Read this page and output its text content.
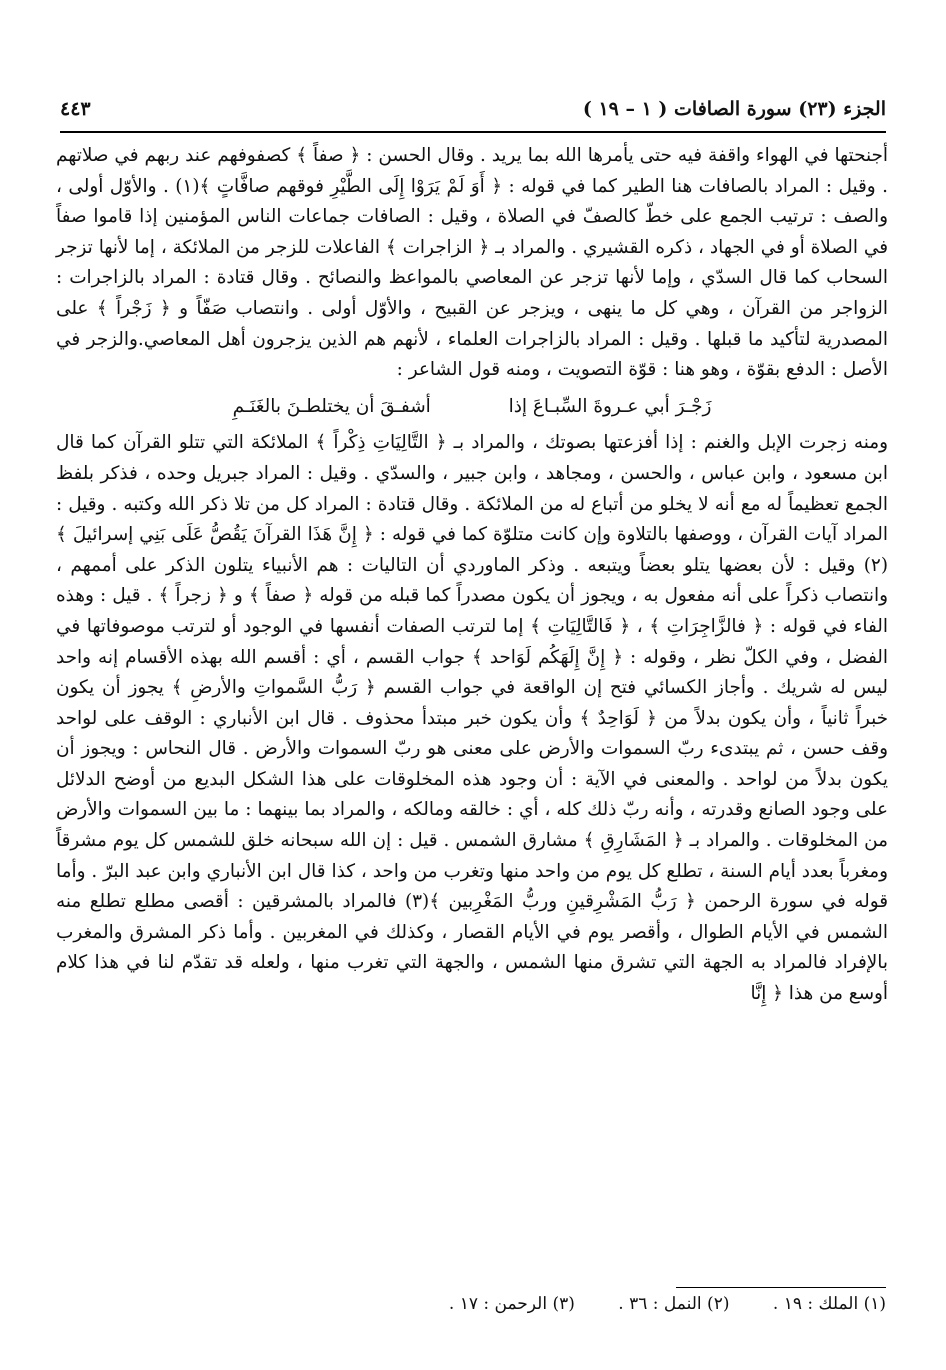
الجزء (٢٣) سورة الصافات ( ١ – ١٩ )
٤٤٣

أجنحتها في الهواء واقفة فيه حتى يأمرها الله بما يريد . وقال الحسن : ﴿ صفاً ﴾ كصفوفهم عند ربهم في صلاتهم . وقيل : المراد بالصافات هنا الطير كما في قوله : ﴿ أَوَ لَمْ يَرَوْا إِلَى الطَّيْرِ فوقهم صافَّاتٍ ﴾(١) . والأوّل أولى ، والصف : ترتيب الجمع على خطّ كالصفّ في الصلاة ، وقيل : الصافات جماعات الناس المؤمنين إذا قاموا صفاً في الصلاة أو في الجهاد ، ذكره القشيري . والمراد بـ ﴿ الزاجرات ﴾ الفاعلات للزجر من الملائكة ، إما لأنها تزجر السحاب كما قال السدّي ، وإما لأنها تزجر عن المعاصي بالمواعظ والنصائح . وقال قتادة : المراد بالزاجرات : الزواجر من القرآن ، وهي كل ما ينهى ، ويزجر عن القبيح ، والأوّل أولى . وانتصاب صَفّاً و ﴿ زَجْراً ﴾ على المصدرية لتأكيد ما قبلها . وقيل : المراد بالزاجرات العلماء ، لأنهم هم الذين يزجرون أهل المعاصي.والزجر في الأصل : الدفع بقوّة ، وهو هنا : قوّة التصويت ، ومنه قول الشاعر :

زَجْـرَ أبي عـروةَ السِّبـاعَ إذا أشفـقَ أن يختلطـنَ بالغَنَـمِ

ومنه زجرت الإبل والغنم : إذا أفزعتها بصوتك ، والمراد بـ ﴿ التَّالِيَاتِ ذِكْراً ﴾ الملائكة التي تتلو القرآن كما قال ابن مسعود ، وابن عباس ، والحسن ، ومجاهد ، وابن جبير ، والسدّي . وقيل : المراد جبريل وحده ، فذكر بلفظ الجمع تعظيماً له مع أنه لا يخلو من أتباع له من الملائكة . وقال قتادة : المراد كل من تلا ذكر الله وكتبه . وقيل : المراد آيات القرآن ، ووصفها بالتلاوة وإن كانت متلوّة كما في قوله : ﴿ إِنَّ هَذَا القرآنَ يَقُصُّ عَلَى بَنِي إسرائيلَ ﴾(٢) وقيل : لأن بعضها يتلو بعضاً ويتبعه . وذكر الماوردي أن التاليات : هم الأنبياء يتلون الذكر على أممهم ، وانتصاب ذكراً على أنه مفعول به ، ويجوز أن يكون مصدراً كما قبله من قوله ﴿ صفاً ﴾ و ﴿ زجراً ﴾ . قيل : وهذه الفاء في قوله : ﴿ فالزَّاجِرَاتِ ﴾ ، ﴿ فَالتَّالِيَاتِ ﴾ إما لترتب الصفات أنفسها في الوجود أو لترتب موصوفاتها في الفضل ، وفي الكلّ نظر ، وقوله : ﴿ إِنَّ إِلَهَكُم لَوَاحد ﴾ جواب القسم ، أي : أقسم الله بهذه الأقسام إنه واحد ليس له شريك . وأجاز الكسائي فتح إن الواقعة في جواب القسم ﴿ رَبُّ السَّمواتِ والأرضِ ﴾ يجوز أن يكون خبراً ثانياً ، وأن يكون بدلاً من ﴿ لَوَاحِدٌ ﴾ وأن يكون خبر مبتدأ محذوف . قال ابن الأنباري : الوقف على لواحد وقف حسن ، ثم يبتدىء ربّ السموات والأرض على معنى هو ربّ السموات والأرض . قال النحاس : ويجوز أن يكون بدلاً من لواحد . والمعنى في الآية : أن وجود هذه المخلوقات على هذا الشكل البديع من أوضح الدلائل على وجود الصانع وقدرته ، وأنه ربّ ذلك كله ، أي : خالقه ومالكه ، والمراد بما بينهما : ما بين السموات والأرض من المخلوقات . والمراد بـ ﴿ المَشَارِقِ ﴾ مشارق الشمس . قيل : إن الله سبحانه خلق للشمس كل يوم مشرقاً ومغرباً بعدد أيام السنة ، تطلع كل يوم من واحد منها وتغرب من واحد ، كذا قال ابن الأنباري وابن عبد البرّ . وأما قوله في سورة الرحمن ﴿ رَبُّ المَشْرِقينِ وربُّ المَغْرِبين ﴾(٣) فالمراد بالمشرقين : أقصى مطلع تطلع منه الشمس في الأيام الطوال ، وأقصر يوم في الأيام القصار ، وكذلك في المغربين . وأما ذكر المشرق والمغرب بالإفراد فالمراد به الجهة التي تشرق منها الشمس ، والجهة التي تغرب منها ، ولعله قد تقدّم لنا في هذا كلام أوسع من هذا ﴿ إِنَّا

(١) الملك : ١٩ . (٢) النمل : ٣٦ . (٣) الرحمن : ١٧ .
